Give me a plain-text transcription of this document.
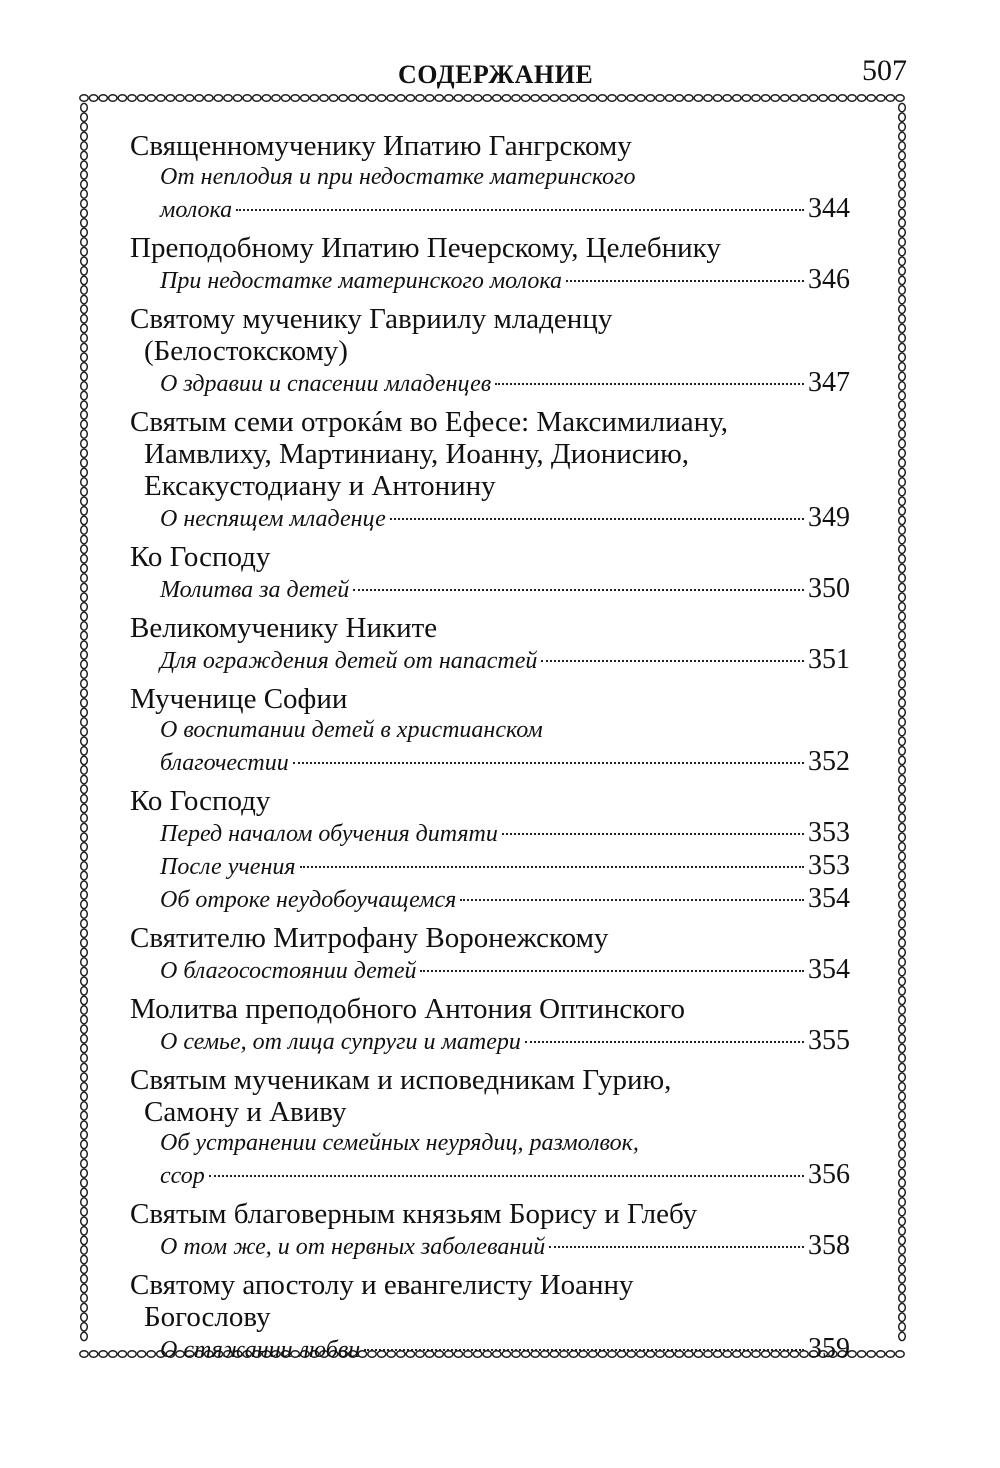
СОДЕРЖАНИЕ	507
Священномученику Ипатию Гангрскому
От неплодия и при недостатке материнского
молока	344
Преподобному Ипатию Печерскому, Целебнику
При недостатке материнского молока	346
Святому мученику Гавриилу младенцу
(Белостокскому)
О здравии и спасении младенцев	347
Святым семи отрокáм во Ефесе: Максимилиану,
Иамвлиху, Мартиниану, Иоанну, Дионисию,
Ексакустодиану и Антонину
О неспящем младенце	349
Ко Господу
Молитва за детей	350
Великомученику Никите
Для ограждения детей от напастей	351
Мученице Софии
О воспитании детей в христианском
благочестии	352
Ко Господу
Перед началом обучения дитяти	353
После учения	353
Об отроке неудобоучащемся	354
Святителю Митрофану Воронежскому
О благосостоянии детей	354
Молитва преподобного Антония Оптинского
О семье, от лица супруги и матери	355
Святым мученикам и исповедникам Гурию,
Самону и Авиву
Об устранении семейных неурядиц, размолвок,
ссор	356
Святым благоверным князьям Борису и Глебу
О том же, и от нервных заболеваний	358
Святому апостолу и евангелисту Иоанну
Богослову
О стяжании любви	359
